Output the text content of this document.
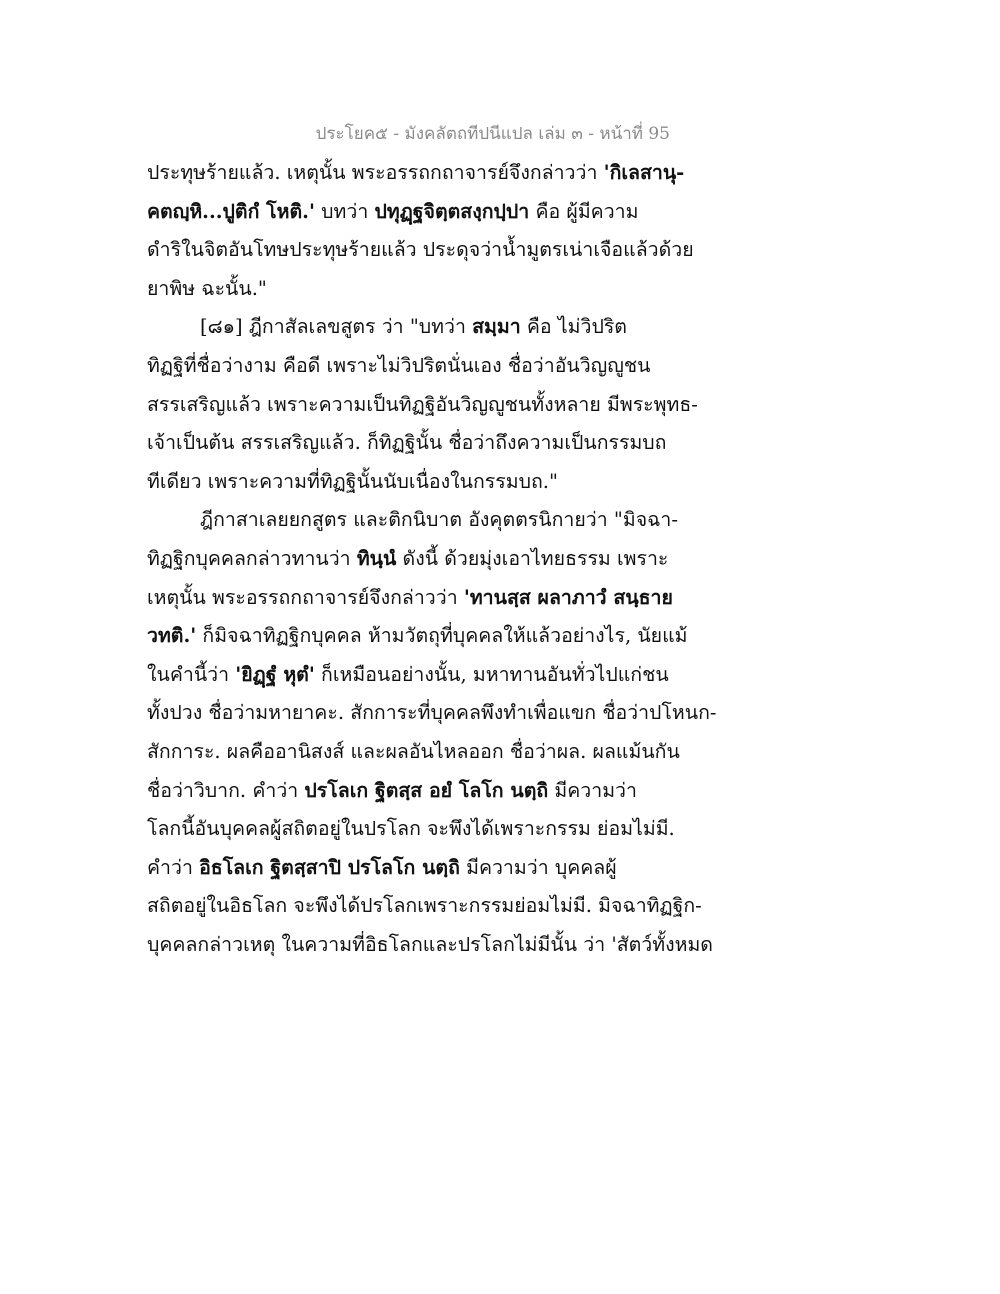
ประโยค๕ - มังคลัตถทีปนีแปล เล่ม ๓ - หน้าที่ 95
ประทุษร้ายแล้ว. เหตุนั้น พระอรรถกถาจารย์จึงกล่าวว่า 'กิเลสานุ-
คตญฺหิ...ปูติกํ โหติ.' บทว่า ปทุฏฺฐจิตฺตสงฺกปฺปา คือ ผู้มีความ
ดำริในจิตอันโทษประทุษร้ายแล้ว ประดุจว่าน้ำมูตรเน่าเจือแล้วด้วย
ยาพิษ ฉะนั้น."
[๘๑] ฎีกาสัลเลขสูตร ว่า "บทว่า สมฺมา คือ ไม่วิปริต
ทิฏฐิที่ชื่อว่างาม คือดี เพราะไม่วิปริตนั่นเอง ชื่อว่าอันวิญญูชน
สรรเสริญแล้ว เพราะความเป็นทิฏฐิอันวิญญูชนทั้งหลาย มีพระพุทธ-
เจ้าเป็นต้น สรรเสริญแล้ว. ก็ทิฏฐินั้น ชื่อว่าถึงความเป็นกรรมบถ
ทีเดียว เพราะความที่ทิฏฐินั้นนับเนื่องในกรรมบถ."
ฎีกาสาเลยยกสูตร และติกนิบาต อังคุตตรนิกายว่า "มิจฉา-
ทิฏฐิกบุคคลกล่าวทานว่า ทินฺนํ ดังนี้ ด้วยมุ่งเอาไทยธรรม เพราะ
เหตุนั้น พระอรรถกถาจารย์จึงกล่าวว่า 'ทานสฺส ผลาภาวํ สนฺธาย
วทติ.' ก็มิจฉาทิฏฐิกบุคคล ห้ามวัตถุที่บุคคลให้แล้วอย่างไร, นัยแม้
ในคำนี้ว่า 'ยิฏฺฐํ หุตํ' ก็เหมือนอย่างนั้น, มหาทานอันทั่วไปแก่ชน
ทั้งปวง ชื่อว่ามหายาคะ. สักการะที่บุคคลพึงทำเพื่อแขก ชื่อว่าปโหนก-
สักการะ. ผลคืออานิสงส์ และผลอันไหลออก ชื่อว่าผล. ผลแม้นกัน
ชื่อว่าวิบาก. คำว่า ปรโลเก ฐิตสฺส อยํ โลโก นตฺถิ มีความว่า
โลกนี้อันบุคคลผู้สถิตอยู่ในปรโลก จะพึงได้เพราะกรรม ย่อมไม่มี.
คำว่า อิธโลเก ฐิตสฺสาปิ ปรโลโก นตฺถิ มีความว่า บุคคลผู้
สถิตอยู่ในอิธโลก จะพึงได้ปรโลกเพราะกรรมย่อมไม่มี. มิจฉาทิฏฐิก-
บุคคลกล่าวเหตุ ในความที่อิธโลกและปรโลกไม่มีนั้น ว่า 'สัตว์ทั้งหมด
